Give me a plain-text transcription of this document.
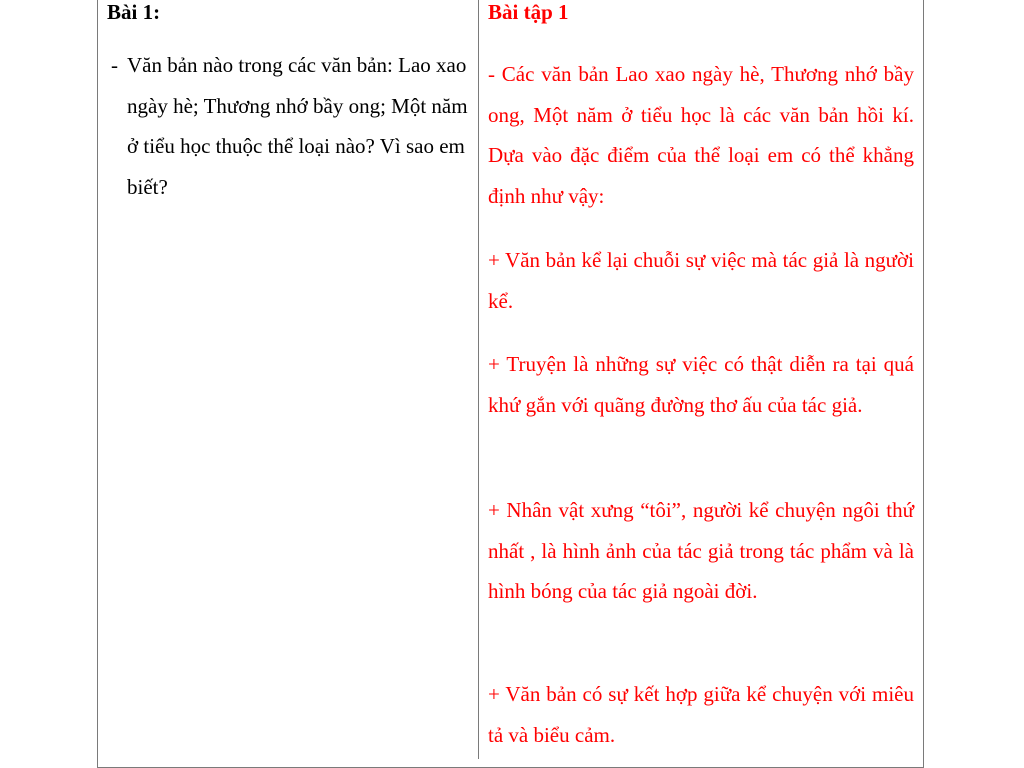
Bài 1:
- Văn bản nào trong các văn bản: Lao xao ngày hè; Thương nhớ bầy ong; Một năm ở tiểu học thuộc thể loại nào? Vì sao em biết?
Bài tập 1

- Các văn bản Lao xao ngày hè, Thương nhớ bầy ong, Một năm ở tiểu học là các văn bản hồi kí. Dựa vào đặc điểm của thể loại em có thể khẳng định như vậy:

+ Văn bản kể lại chuỗi sự việc mà tác giả là người kể.

+ Truyện là những sự việc có thật diễn ra tại quá khứ gắn với quãng đường thơ ấu của tác giả.

+ Nhân vật xưng “tôi”, người kể chuyện ngôi thứ nhất , là hình ảnh của tác giả trong tác phẩm và là hình bóng của tác giả ngoài đời.

+ Văn bản có sự kết hợp giữa kể chuyện với miêu tả và biểu cảm.
